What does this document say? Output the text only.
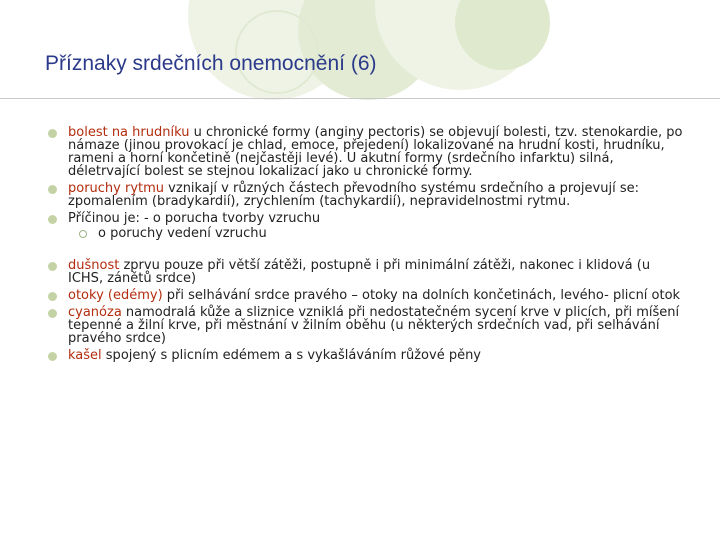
Příznaky srdečních onemocnění (6)
bolest na hrudníku u chronické formy (anginy pectoris) se objevují bolesti, tzv. stenokardie, po námaze (jinou provokací je chlad, emoce, přejedení) lokalizované na hrudní kosti, hrudníku, rameni a horní končetině (nejčastěji levé). U akutní formy (srdečního infarktu) silná, déletrvající bolest se stejnou lokalizací jako u chronické formy.
poruchy rytmu vznikají v různých částech převodního systému srdečního a projevují se: zpomalením (bradykardií), zrychlením (tachykardií), nepravidelnostmi rytmu.
Příčinou je: - o porucha tvorby vzruchu
o poruchy vedení vzruchu
dušnost zprvu pouze při větší zátěži, postupně i při minimální zátěži, nakonec i klidová (u ICHS, zánětů srdce)
otoky (edémy) při selhávání srdce pravého – otoky na dolních končetinách, levého- plicní otok
cyanóza namodralá kůže a sliznice vzniklá při nedostatečném sycení krve v plicích, při míšení tepenné a žilní krve, při městnání v žilním oběhu (u některých srdečních vad, při selhávání pravého srdce)
kašel spojený s plicním edémem a s vykašláváním růžové pěny
